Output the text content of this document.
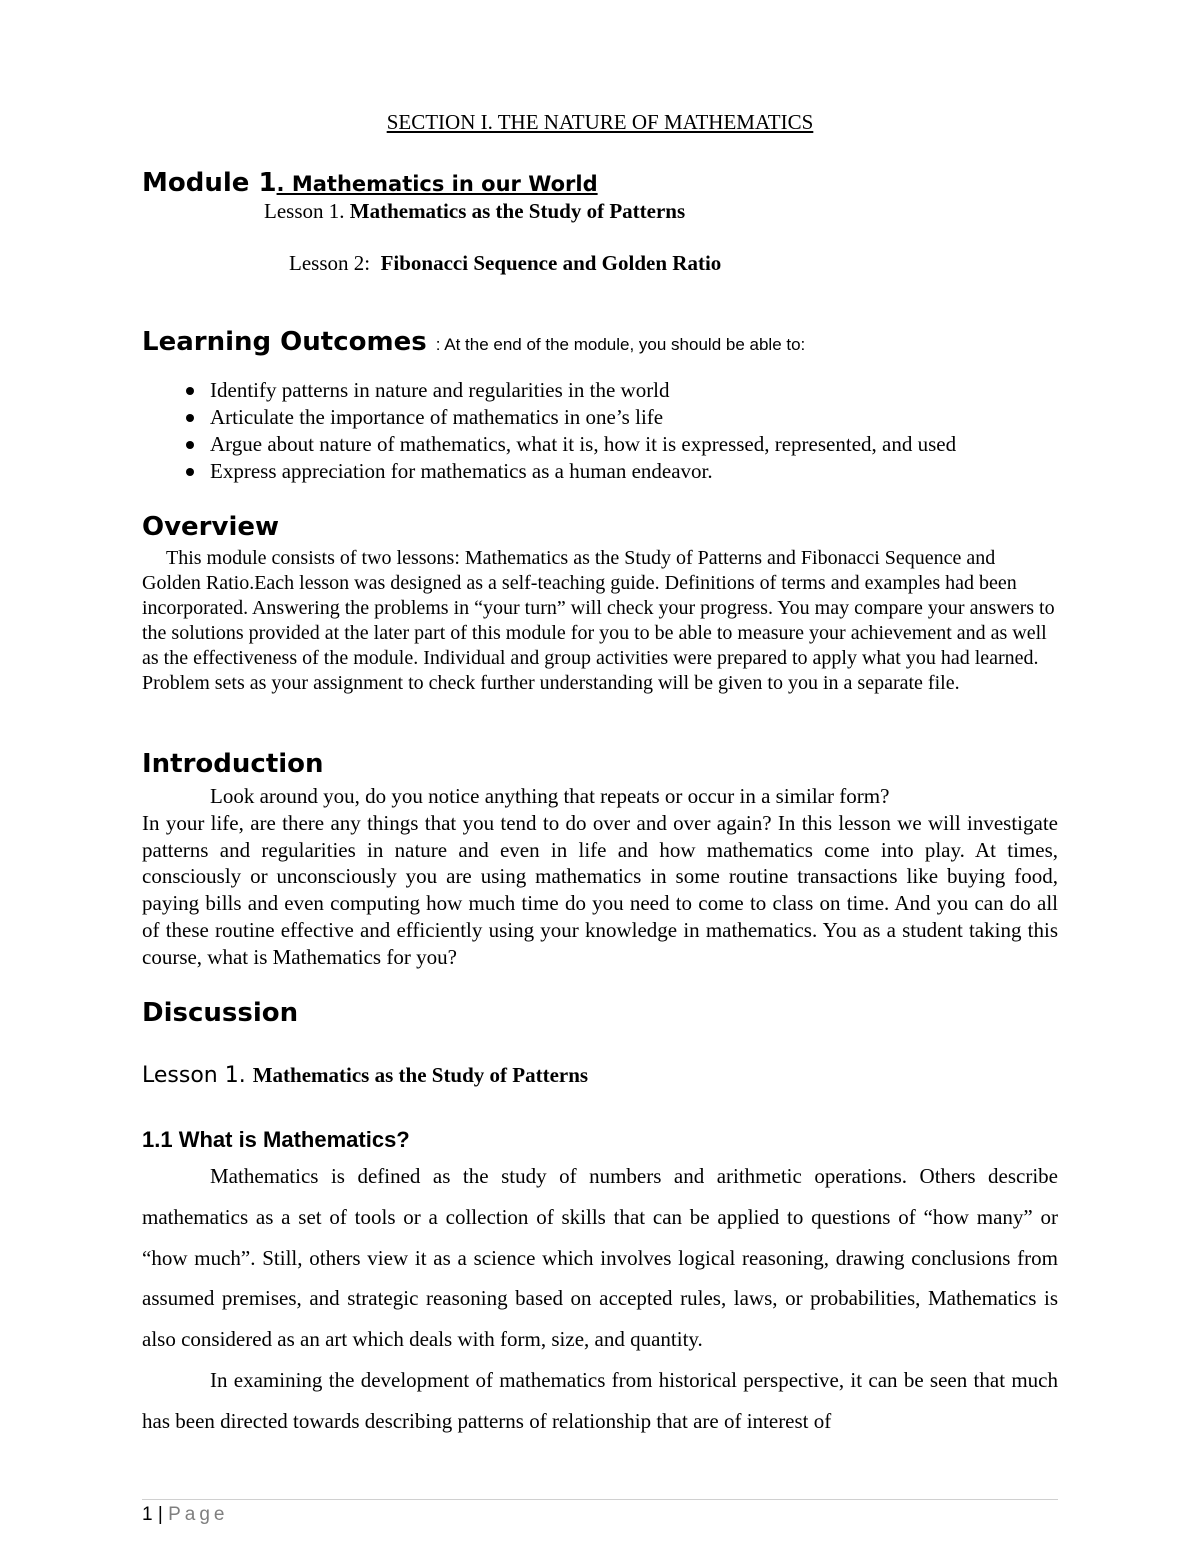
SECTION I. THE NATURE OF MATHEMATICS
Module 1. Mathematics in our World
Lesson 1. Mathematics as the Study of Patterns

Lesson 2:  Fibonacci Sequence and Golden Ratio

Learning Outcomes : At the end of the module, you should be able to:
Identify patterns in nature and regularities in the world
Articulate the importance of mathematics in one’s life
Argue about nature of mathematics, what it is, how it is expressed, represented, and used
Express appreciation for mathematics as a human endeavor.
Overview

This module consists of two lessons: Mathematics as the Study of Patterns and Fibonacci Sequence and Golden Ratio.Each lesson was designed as a self-teaching guide. Definitions of terms and examples had been incorporated. Answering the problems in “your turn” will check your progress. You may compare your answers to the solutions provided at the later part of this module for you to be able to measure your achievement and as well as the effectiveness of the module. Individual and group activities were prepared to apply what you had learned. Problem sets as your assignment to check further understanding will be given to you in a separate file.

Introduction
Look around you, do you notice anything that repeats or occur in a similar form?
In your life, are there any things that you tend to do over and over again? In this lesson we will investigate patterns and regularities in nature and even in life and how mathematics come into play. At times, consciously or unconsciously you are using mathematics in some routine transactions like buying food, paying bills and even computing how much time do you need to come to class on time. And you can do all of these routine effective and efficiently using your knowledge in mathematics. You as a student taking this course, what is Mathematics for you?
Discussion
Lesson 1. Mathematics as the Study of Patterns
1.1 What is Mathematics?
Mathematics is defined as the study of numbers and arithmetic operations. Others describe mathematics as a set of tools or a collection of skills that can be applied to questions of “how many” or “how much”. Still, others view it as a science which involves logical reasoning, drawing conclusions from assumed premises, and strategic reasoning based on accepted rules, laws, or probabilities, Mathematics is also considered as an art which deals with form, size, and quantity.
In examining the development of mathematics from historical perspective, it can be seen that much has been directed towards describing patterns of relationship that are of interest of
1 | Page
